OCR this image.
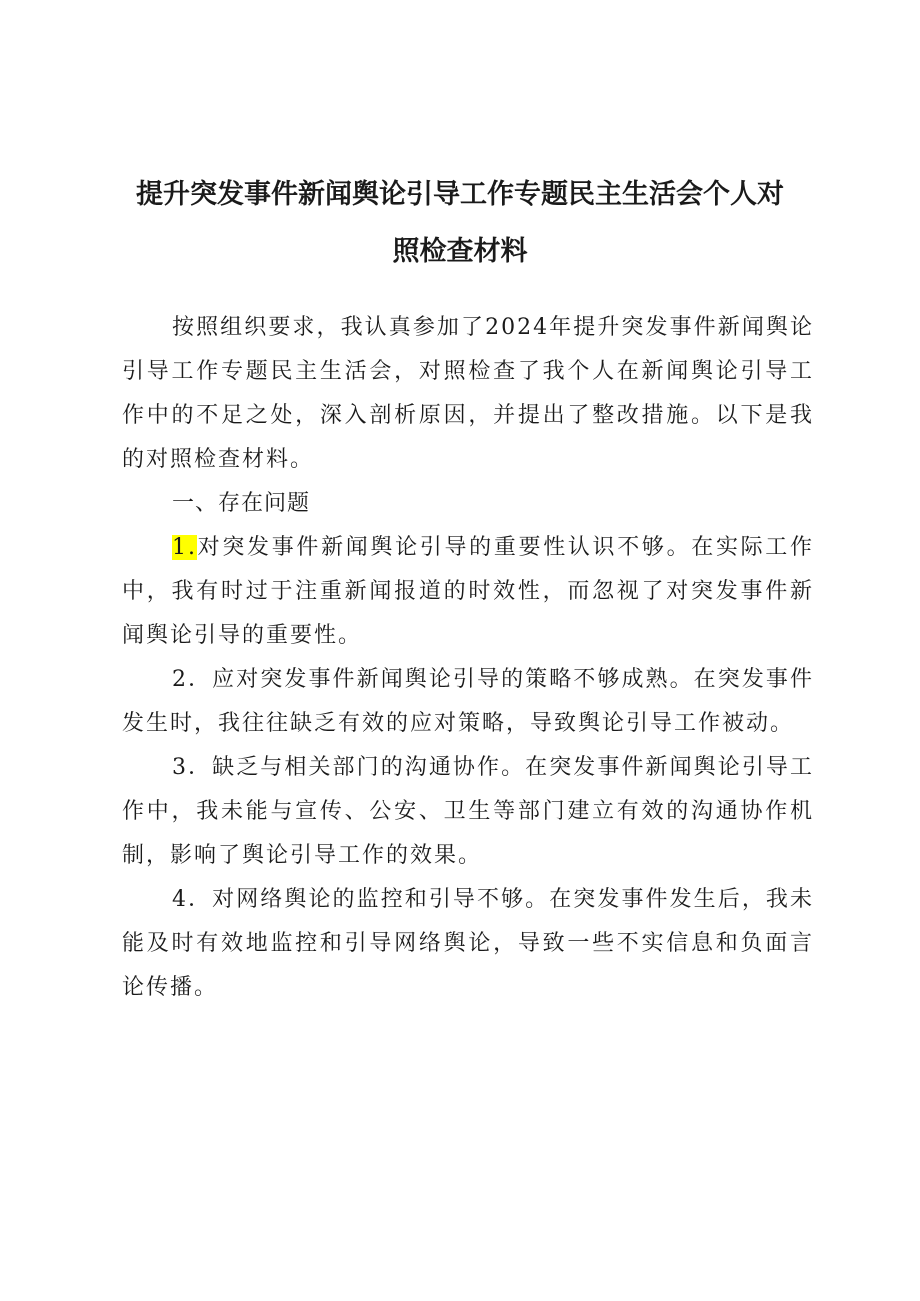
提升突发事件新闻舆论引导工作专题民主生活会个人对
照检查材料

按照组织要求，我认真参加了2024年提升突发事件新闻舆论引导工作专题民主生活会，对照检查了我个人在新闻舆论引导工作中的不足之处，深入剖析原因，并提出了整改措施。以下是我的对照检查材料。

一、存在问题

1.对突发事件新闻舆论引导的重要性认识不够。在实际工作中，我有时过于注重新闻报道的时效性，而忽视了对突发事件新闻舆论引导的重要性。

2．应对突发事件新闻舆论引导的策略不够成熟。在突发事件发生时，我往往缺乏有效的应对策略，导致舆论引导工作被动。

3．缺乏与相关部门的沟通协作。在突发事件新闻舆论引导工作中，我未能与宣传、公安、卫生等部门建立有效的沟通协作机制，影响了舆论引导工作的效果。

4．对网络舆论的监控和引导不够。在突发事件发生后，我未能及时有效地监控和引导网络舆论，导致一些不实信息和负面言论传播。
